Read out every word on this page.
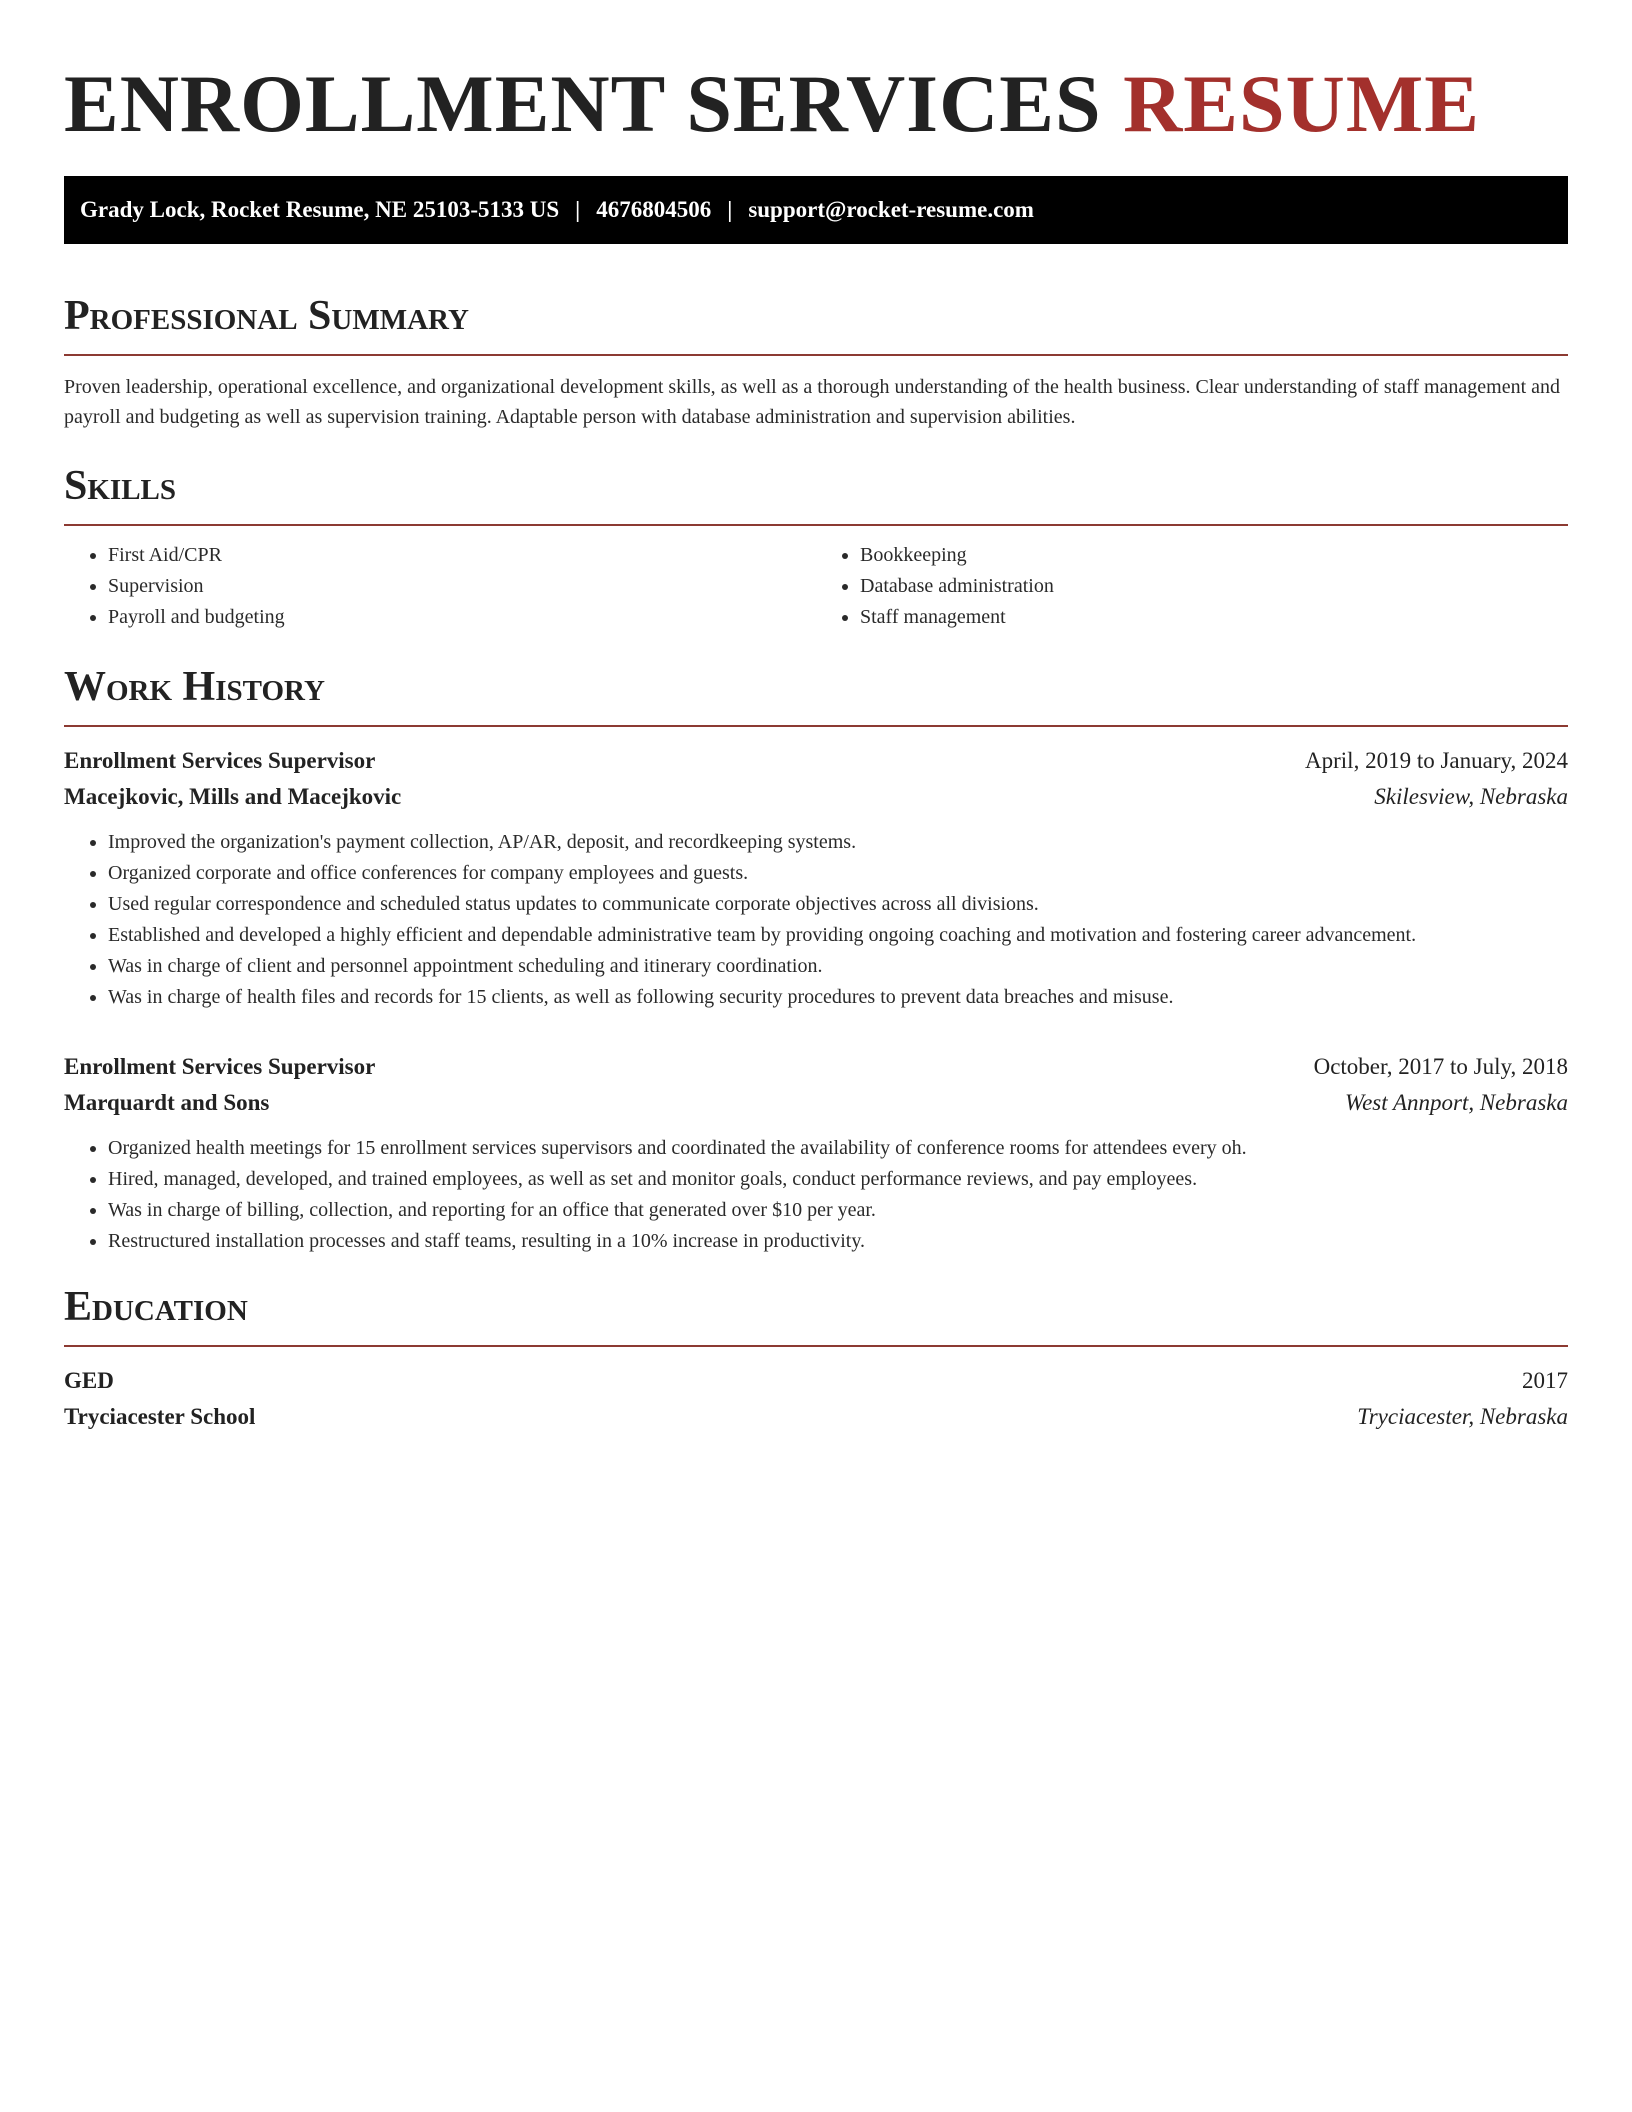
ENROLLMENT SERVICES RESUME
Grady Lock, Rocket Resume, NE 25103-5133 US | 4676804506 | support@rocket-resume.com
Professional Summary

Proven leadership, operational excellence, and organizational development skills, as well as a thorough understanding of the health business. Clear understanding of staff management and payroll and budgeting as well as supervision training. Adaptable person with database administration and supervision abilities.

Skills
• First Aid/CPR
• Supervision
• Payroll and budgeting
• Bookkeeping
• Database administration
• Staff management
Work History
Enrollment Services Supervisor	April, 2019 to January, 2024
Macejkovic, Mills and Macejkovic	Skilesview, Nebraska
• Improved the organization's payment collection, AP/AR, deposit, and recordkeeping systems.
• Organized corporate and office conferences for company employees and guests.
• Used regular correspondence and scheduled status updates to communicate corporate objectives across all divisions.
• Established and developed a highly efficient and dependable administrative team by providing ongoing coaching and motivation and fostering career advancement.
• Was in charge of client and personnel appointment scheduling and itinerary coordination.
• Was in charge of health files and records for 15 clients, as well as following security procedures to prevent data breaches and misuse.
Enrollment Services Supervisor	October, 2017 to July, 2018
Marquardt and Sons	West Annport, Nebraska
• Organized health meetings for 15 enrollment services supervisors and coordinated the availability of conference rooms for attendees every oh.
• Hired, managed, developed, and trained employees, as well as set and monitor goals, conduct performance reviews, and pay employees.
• Was in charge of billing, collection, and reporting for an office that generated over $10 per year.
• Restructured installation processes and staff teams, resulting in a 10% increase in productivity.
Education
GED	2017
Tryciacester School	Tryciacester, Nebraska
